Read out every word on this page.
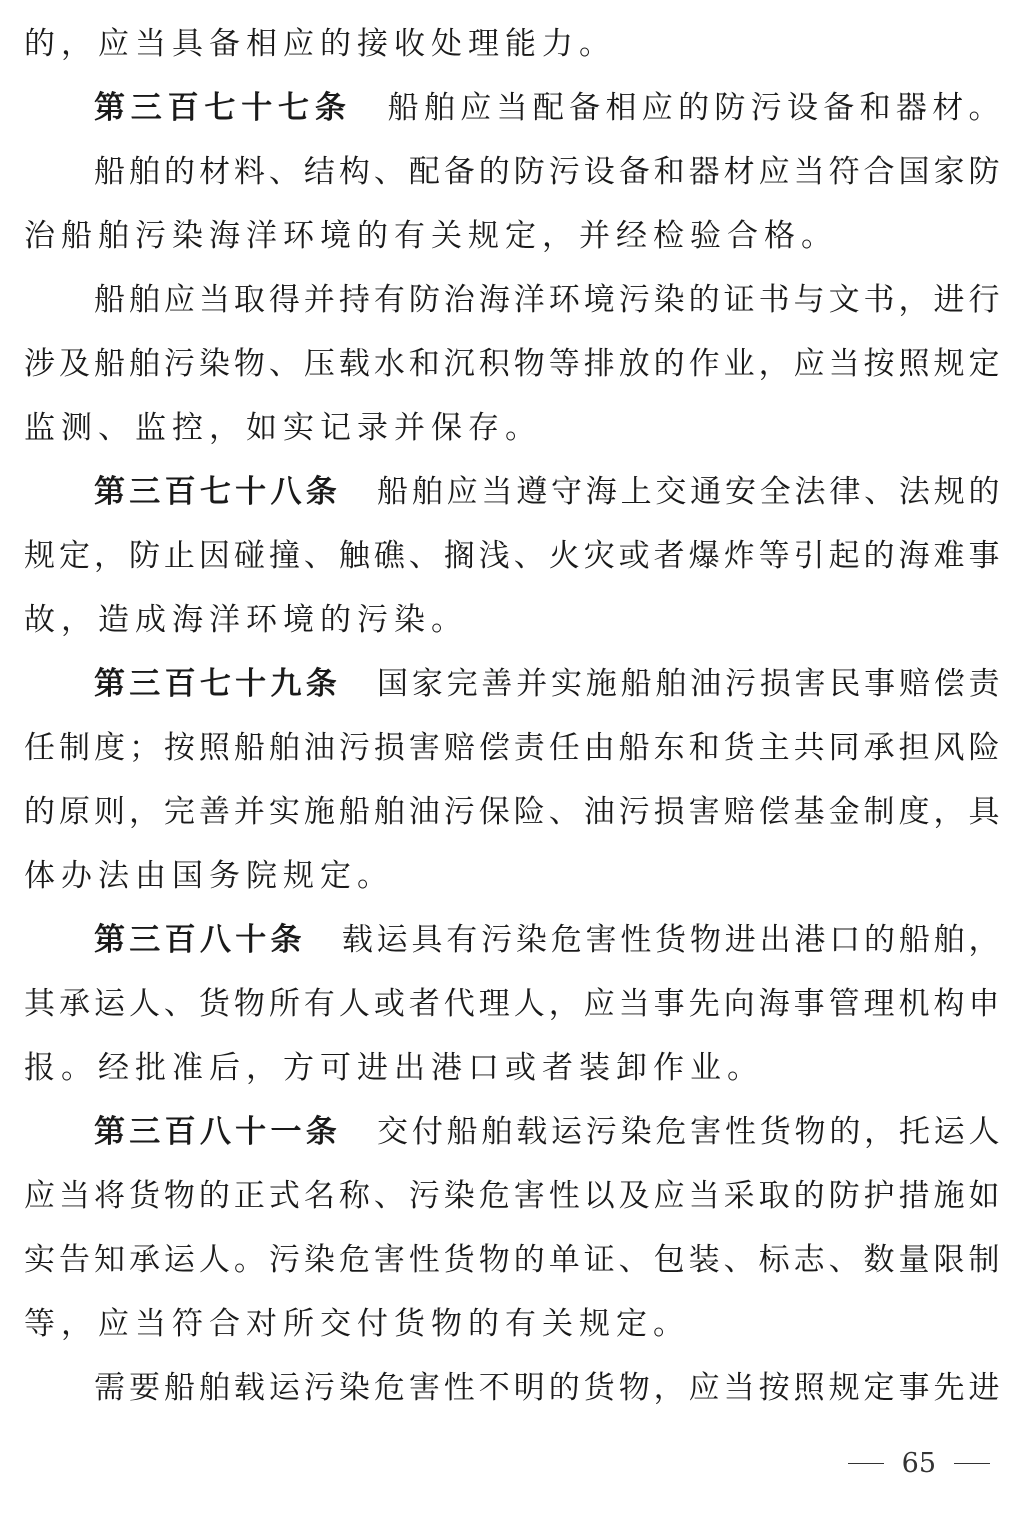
的，应当具备相应的接收处理能力。
第三百七十七条 船舶应当配备相应的防污设备和器材。
船舶的材料、结构、配备的防污设备和器材应当符合国家防
治船舶污染海洋环境的有关规定，并经检验合格。
船舶应当取得并持有防治海洋环境污染的证书与文书，进行
涉及船舶污染物、压载水和沉积物等排放的作业，应当按照规定
监测、监控，如实记录并保存。
第三百七十八条 船舶应当遵守海上交通安全法律、法规的
规定，防止因碰撞、触礁、搁浅、火灾或者爆炸等引起的海难事
故，造成海洋环境的污染。
第三百七十九条 国家完善并实施船舶油污损害民事赔偿责
任制度；按照船舶油污损害赔偿责任由船东和货主共同承担风险
的原则，完善并实施船舶油污保险、油污损害赔偿基金制度，具
体办法由国务院规定。
第三百八十条 载运具有污染危害性货物进出港口的船舶，
其承运人、货物所有人或者代理人，应当事先向海事管理机构申
报。经批准后，方可进出港口或者装卸作业。
第三百八十一条 交付船舶载运污染危害性货物的，托运人
应当将货物的正式名称、污染危害性以及应当采取的防护措施如
实告知承运人。污染危害性货物的单证、包装、标志、数量限制
等，应当符合对所交付货物的有关规定。
需要船舶载运污染危害性不明的货物，应当按照规定事先进
65
